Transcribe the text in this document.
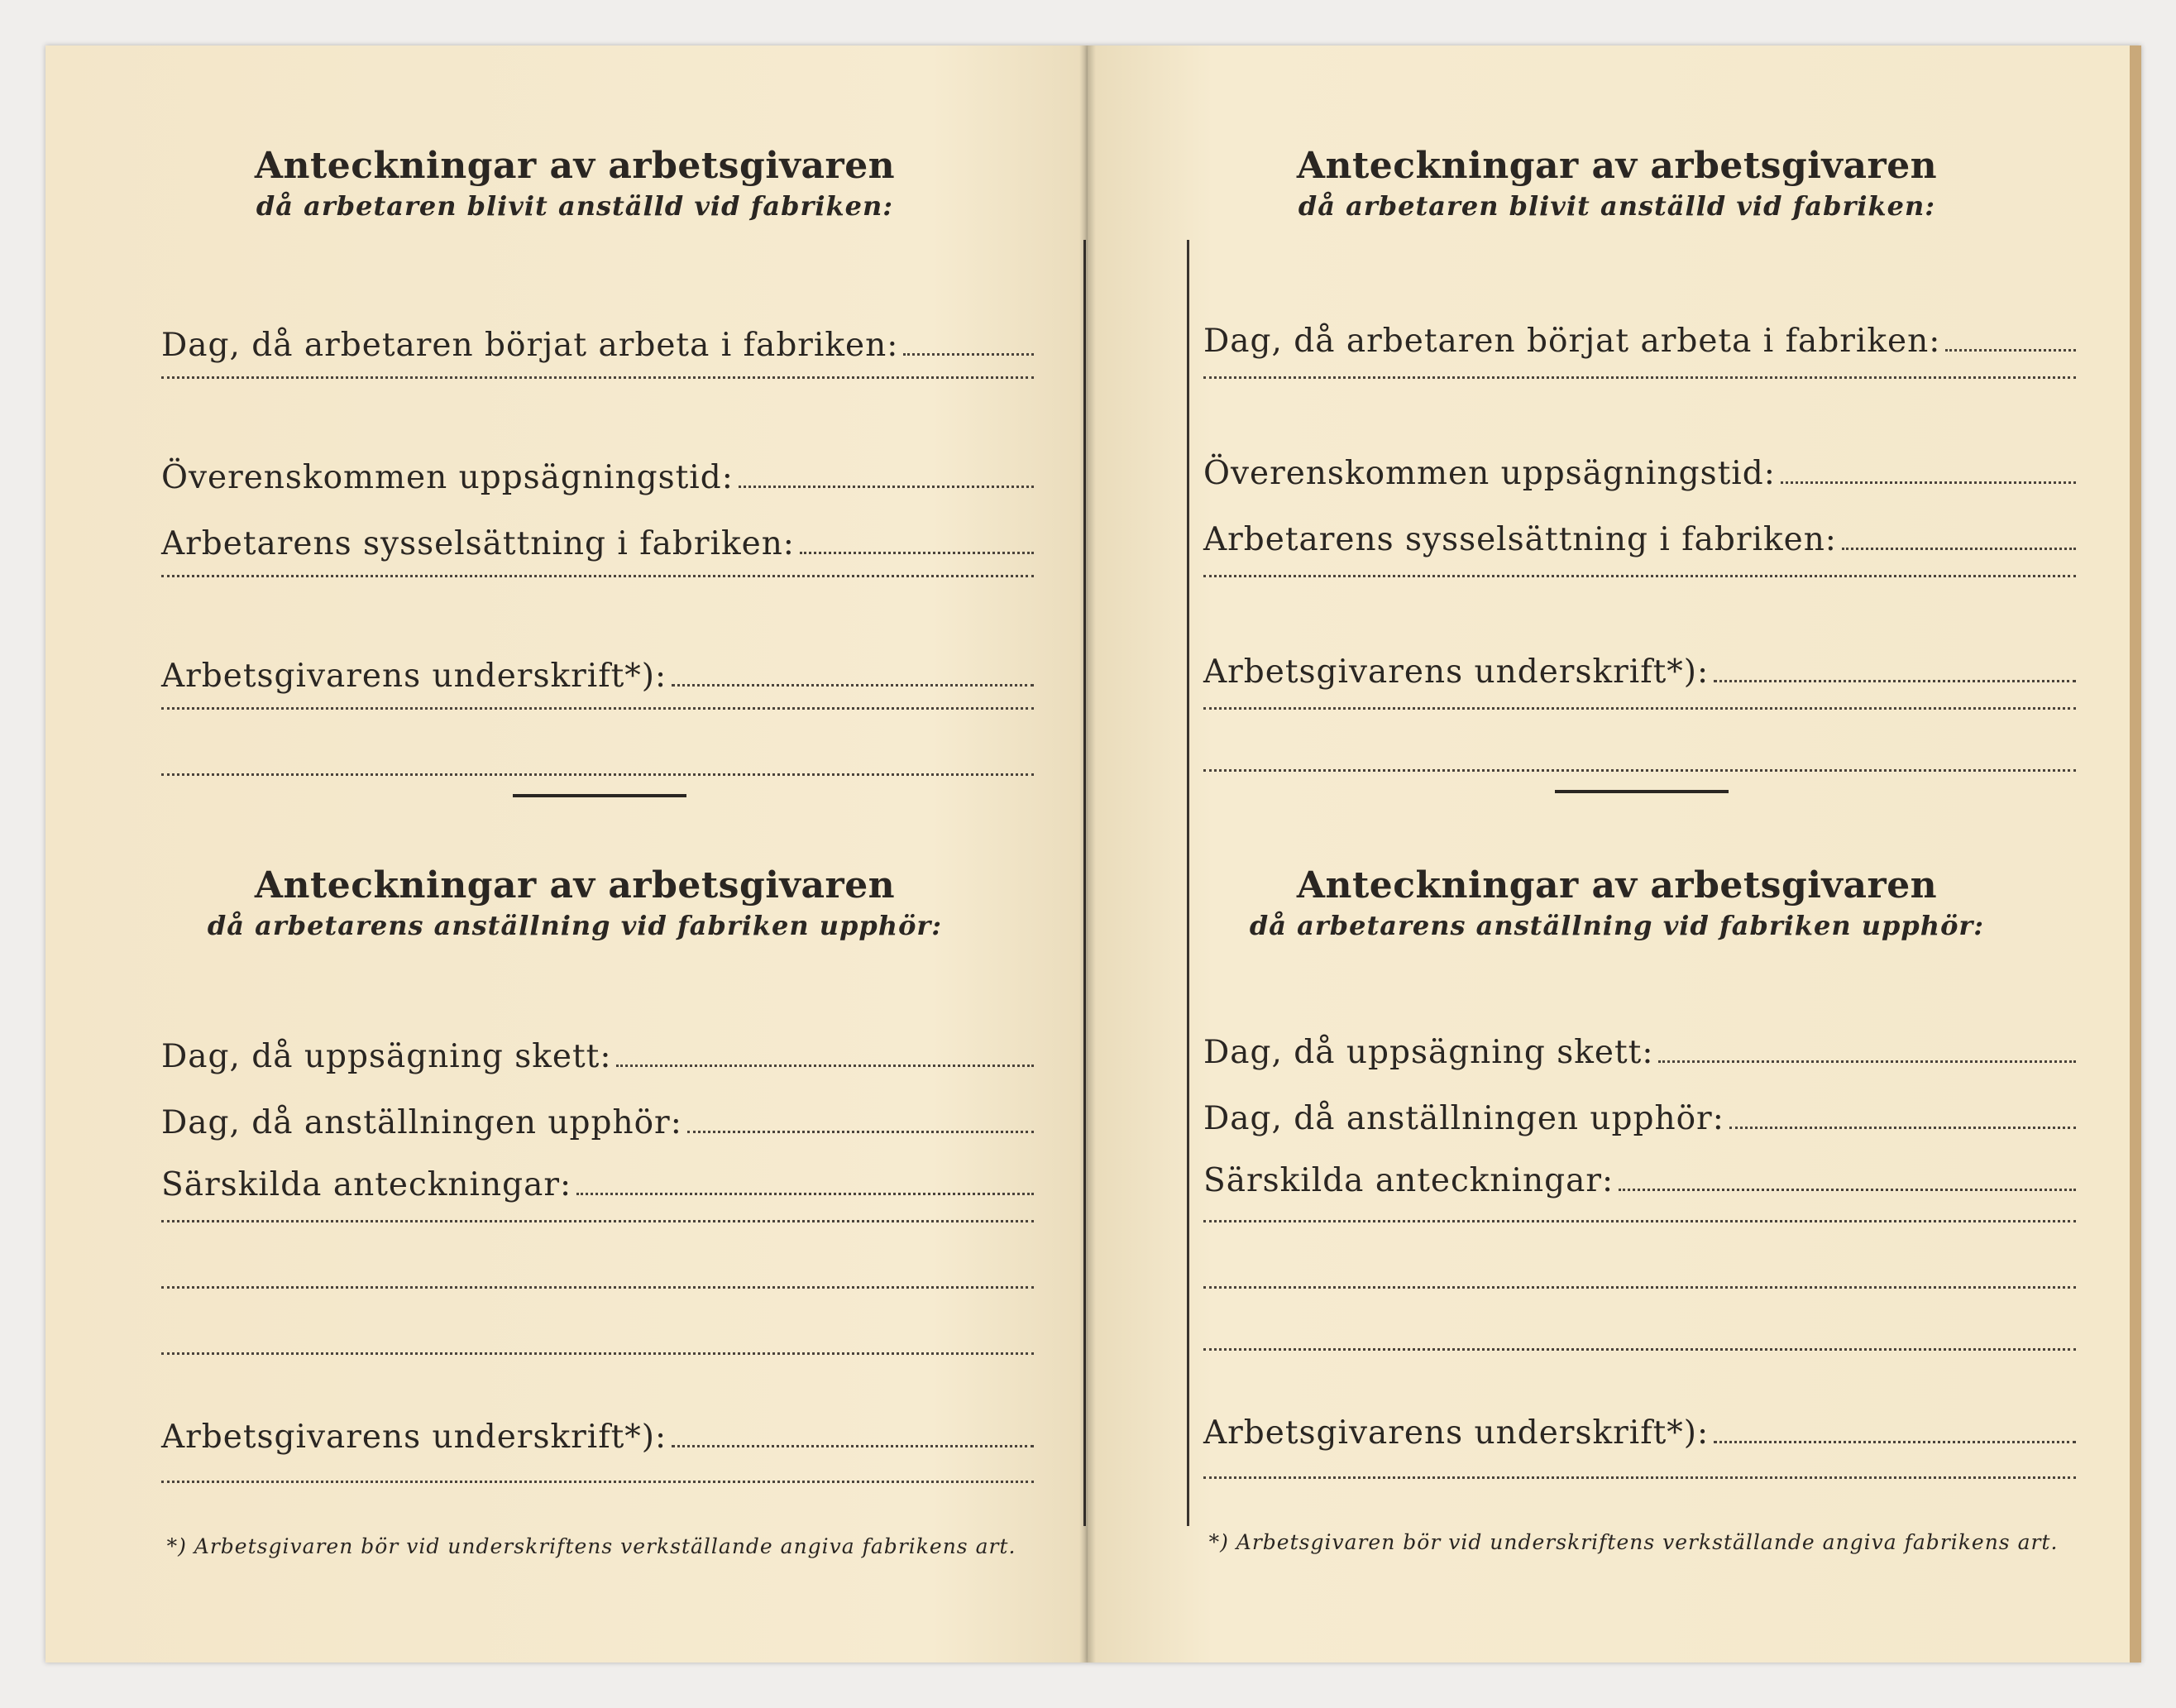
Anteckningar av arbetsgivaren
då arbetaren blivit anställd vid fabriken:
Dag, då arbetaren börjat arbeta i fabriken:
Överenskommen uppsägningstid:
Arbetarens sysselsättning i fabriken:
Arbetsgivarens underskrift*):
Anteckningar av arbetsgivaren
då arbetarens anställning vid fabriken upphör:
Dag, då uppsägning skett:
Dag, då anställningen upphör:
Särskilda anteckningar:
Arbetsgivarens underskrift*):
*) Arbetsgivaren bör vid underskriftens verkställande angiva fabrikens art.
Anteckningar av arbetsgivaren
då arbetaren blivit anställd vid fabriken:
Dag, då arbetaren börjat arbeta i fabriken:
Överenskommen uppsägningstid:
Arbetarens sysselsättning i fabriken:
Arbetsgivarens underskrift*):
Anteckningar av arbetsgivaren
då arbetarens anställning vid fabriken upphör:
Dag, då uppsägning skett:
Dag, då anställningen upphör:
Särskilda anteckningar:
Arbetsgivarens underskrift*):
*) Arbetsgivaren bör vid underskriftens verkställande angiva fabrikens art.
